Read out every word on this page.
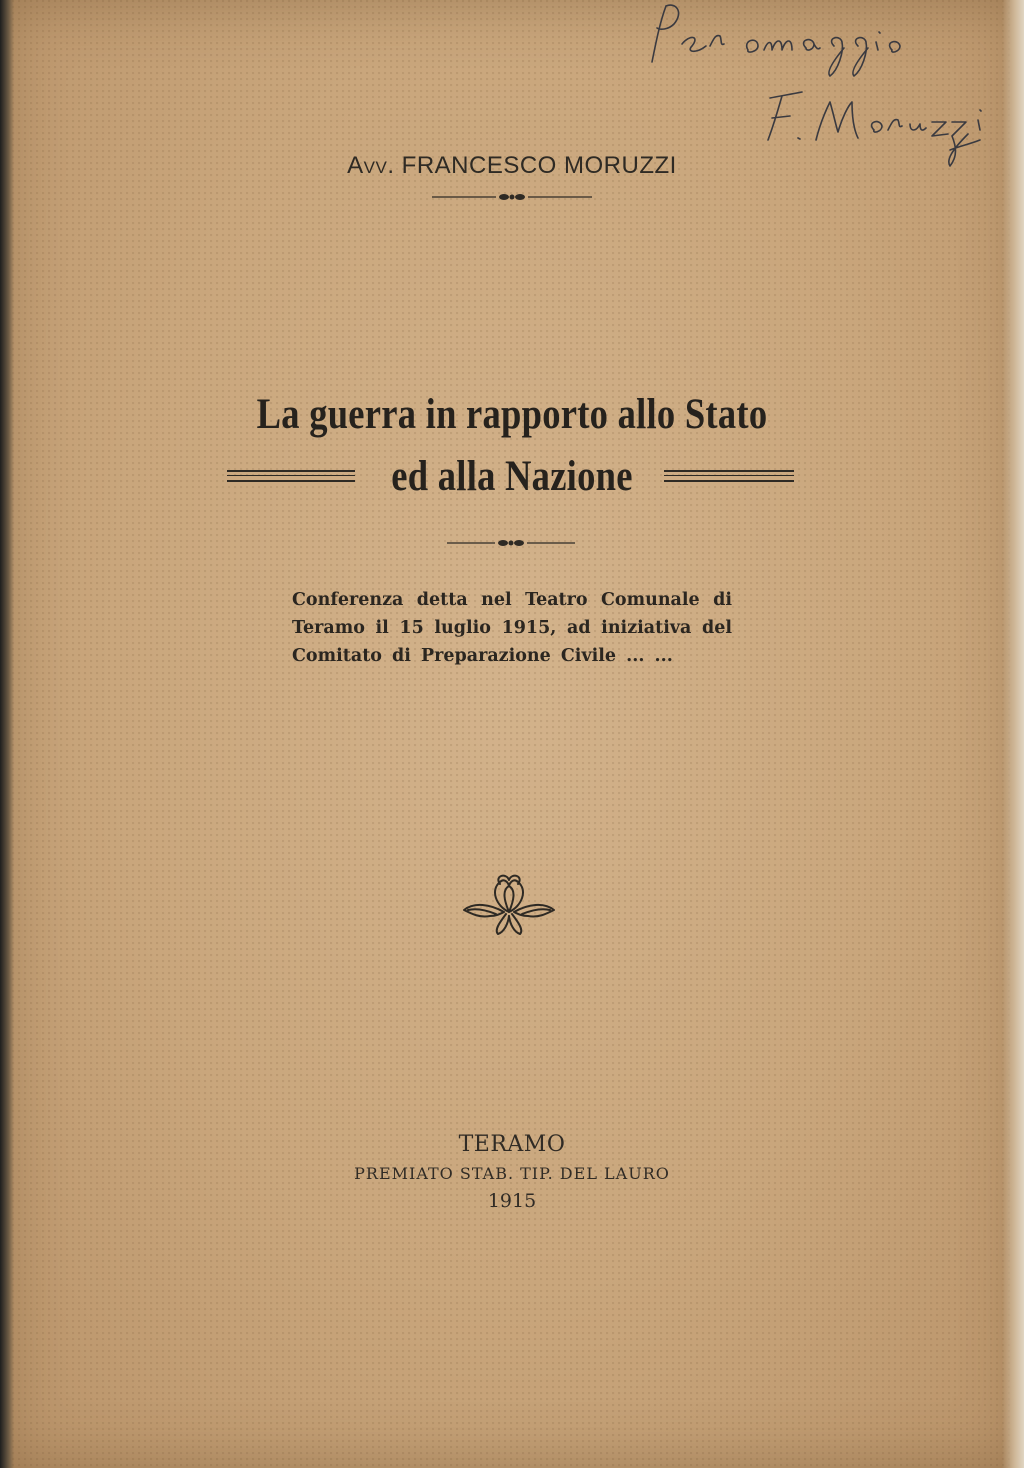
Avv. FRANCESCO MORUZZI
La guerra in rapporto allo Stato
ed alla Nazione
Conferenza detta nel Teatro Comunale di
Teramo il 15 luglio 1915, ad iniziativa del
Comitato di Preparazione Civile ... ...
TERAMO
PREMIATO STAB. TIP. DEL LAURO
1915
